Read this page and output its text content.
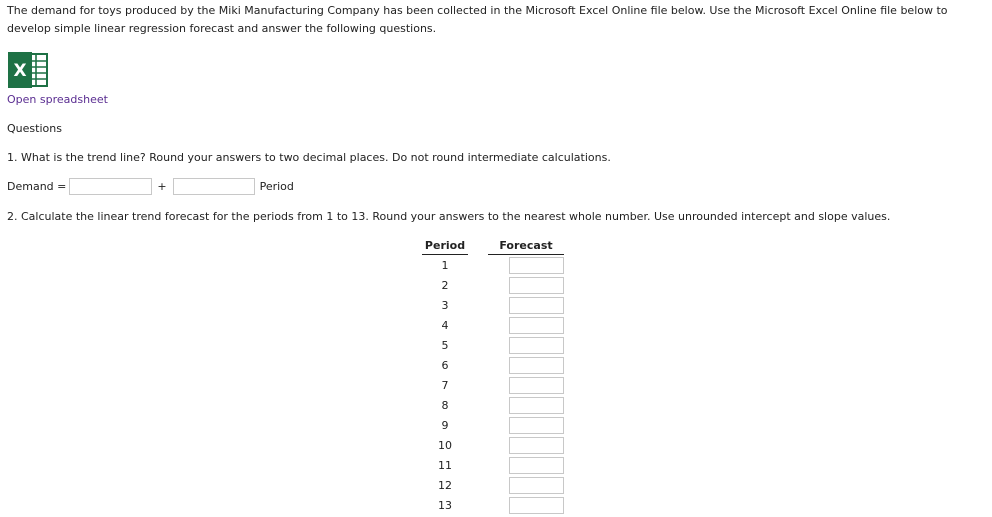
The demand for toys produced by the Miki Manufacturing Company has been collected in the Microsoft Excel Online file below. Use the Microsoft Excel Online file below to develop simple linear regression forecast and answer the following questions.

X
Open spreadsheet
Questions
1. What is the trend line? Round your answers to two decimal places. Do not round intermediate calculations.
Demand =	+	Period
2. Calculate the linear trend forecast for the periods from 1 to 13. Round your answers to the nearest whole number. Use unrounded intercept and slope values.
Period		Forecast
1		
2		
3		
4		
5		
6		
7		
8		
9		
10		
11		
12		
13		
